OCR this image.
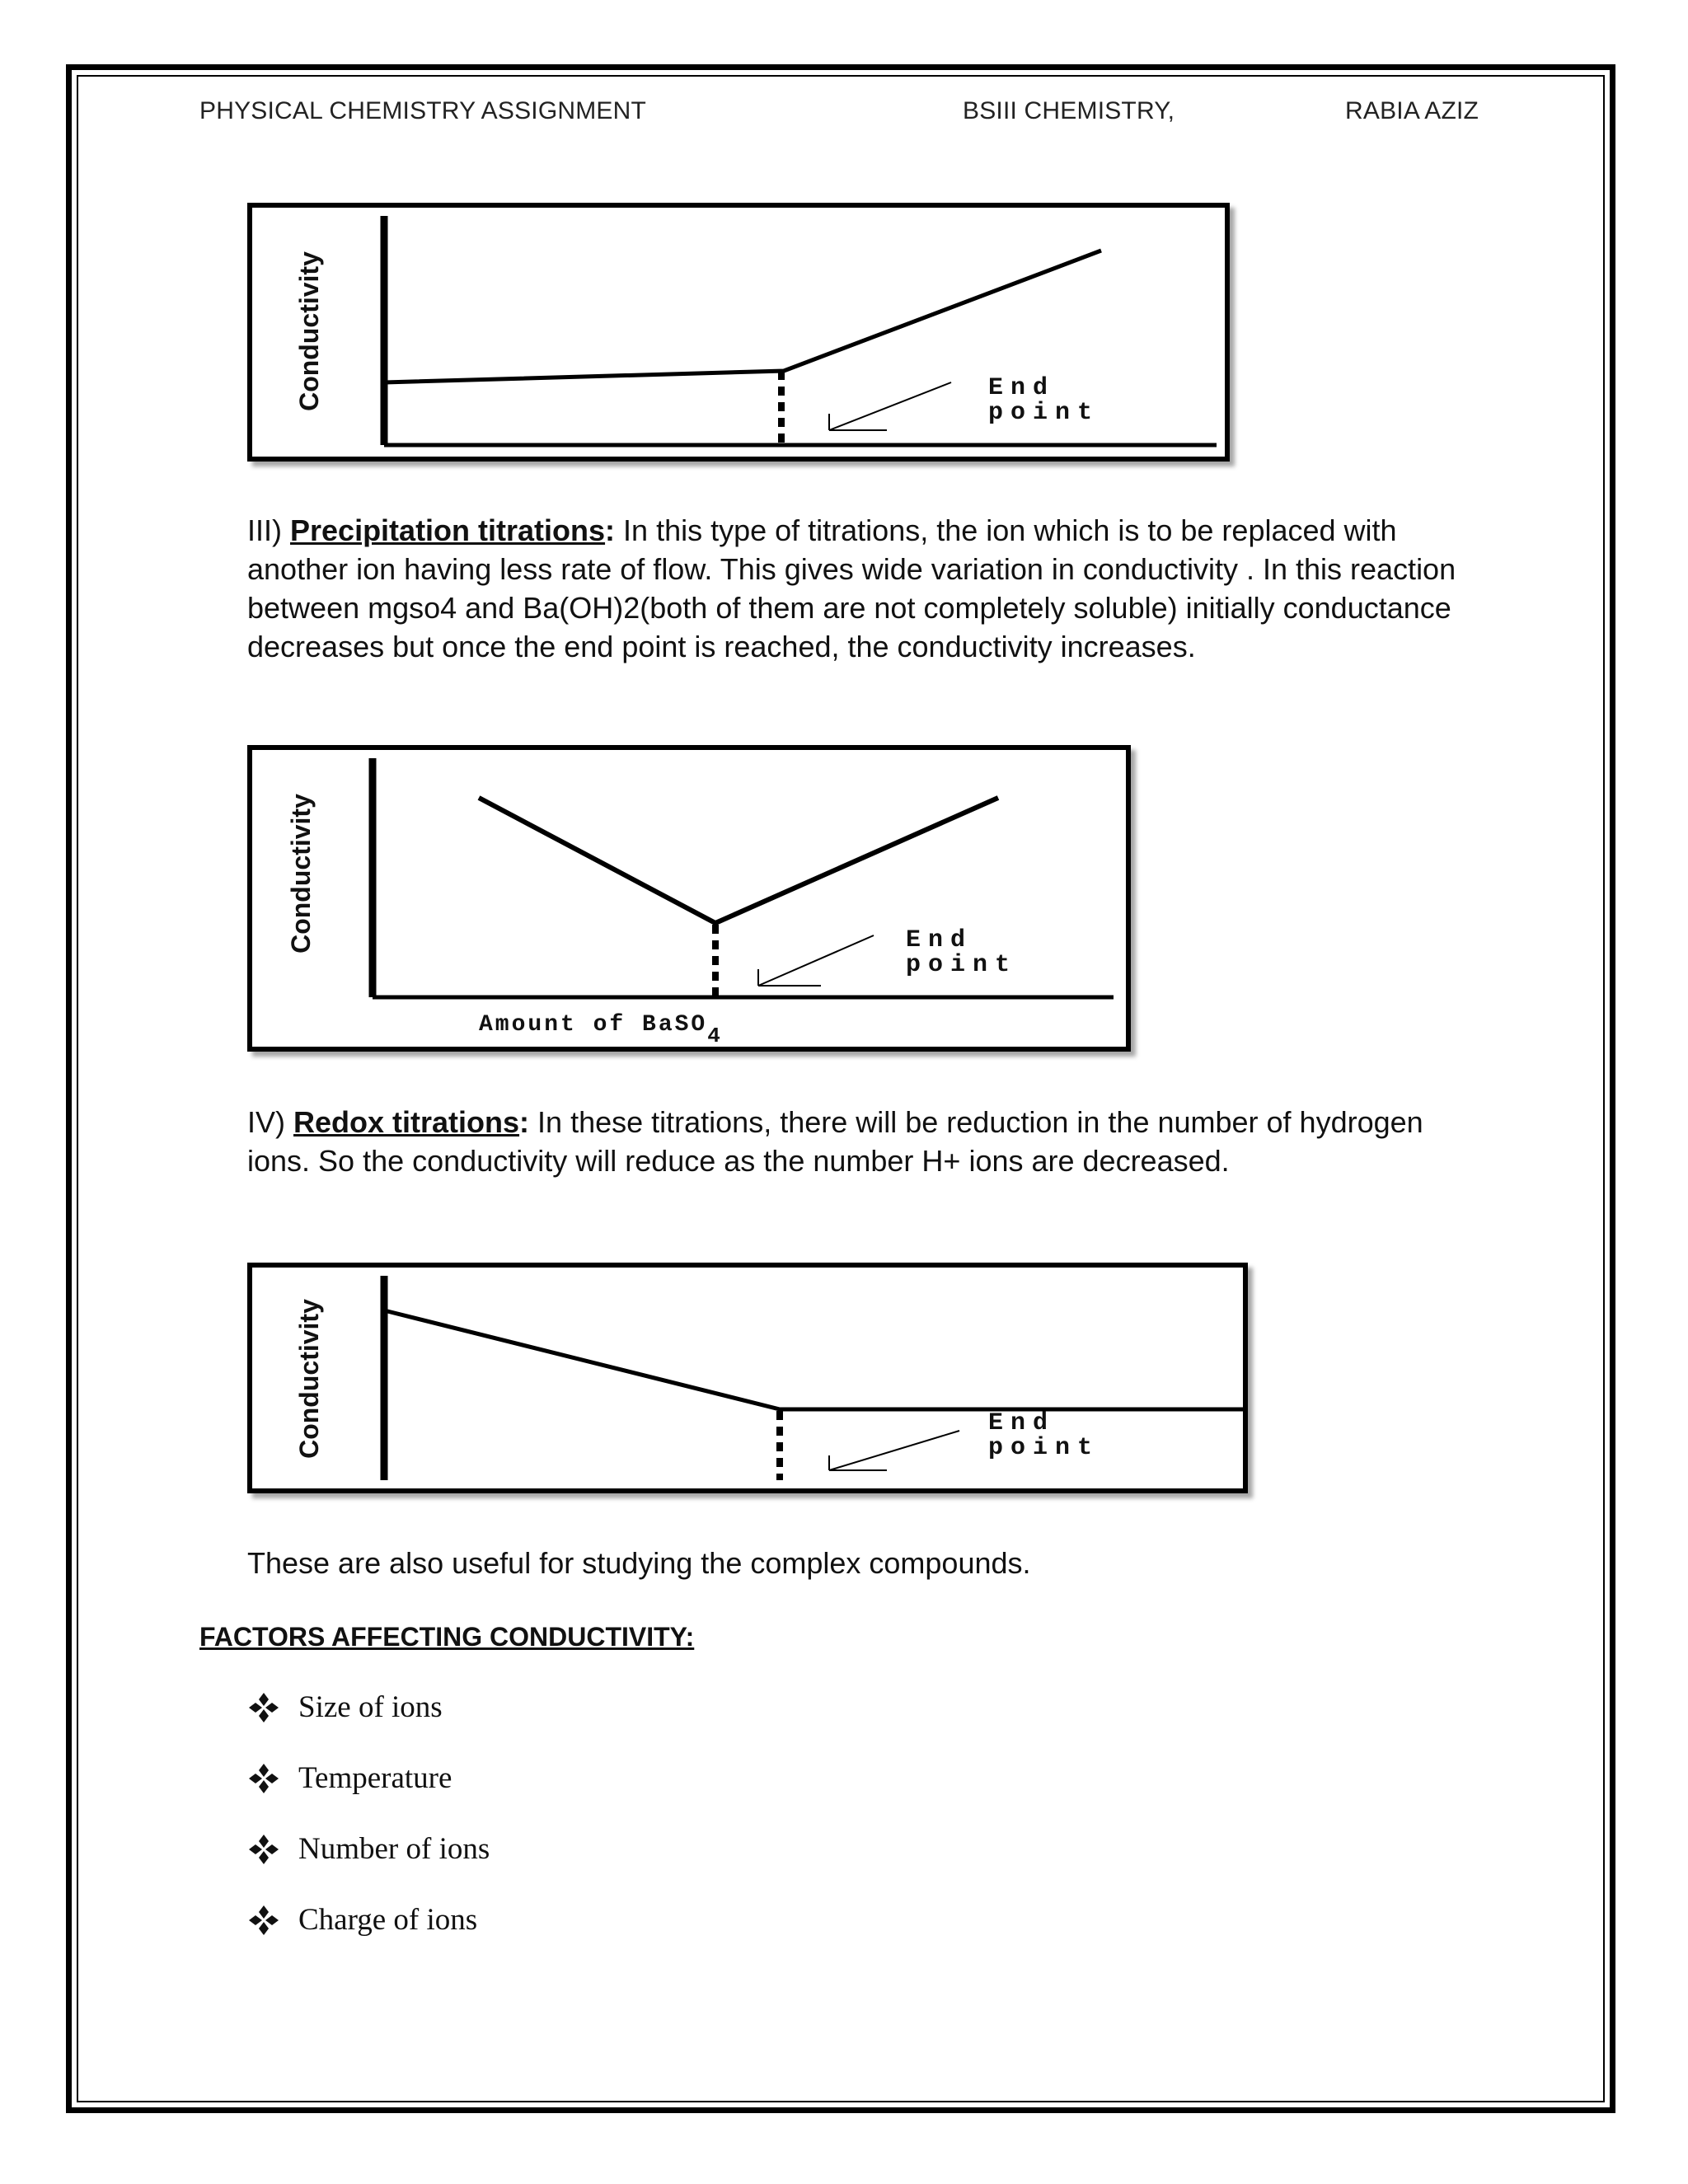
PHYSICAL CHEMISTRY ASSIGNMENT	BSIII CHEMISTRY,	RABIA AZIZ
Conductivity	End
point

III) Precipitation titrations: In this type of titrations, the ion which is to be replaced with another ion having less rate of flow. This gives wide variation in conductivity . In this reaction between mgso4 and Ba(OH)2(both of them are not completely soluble) initially conductance decreases but once the end point is reached, the conductivity increases.

Conductivity	End
point
Amount of BaSO4

IV) Redox titrations: In these titrations, there will be reduction in the number of hydrogen ions. So the conductivity will reduce as the number H+ ions are decreased.

Conductivity	End
point

These are also useful for studying the complex compounds.

FACTORS AFFECTING CONDUCTIVITY:
Size of ions
Temperature
Number of ions
Charge of ions
